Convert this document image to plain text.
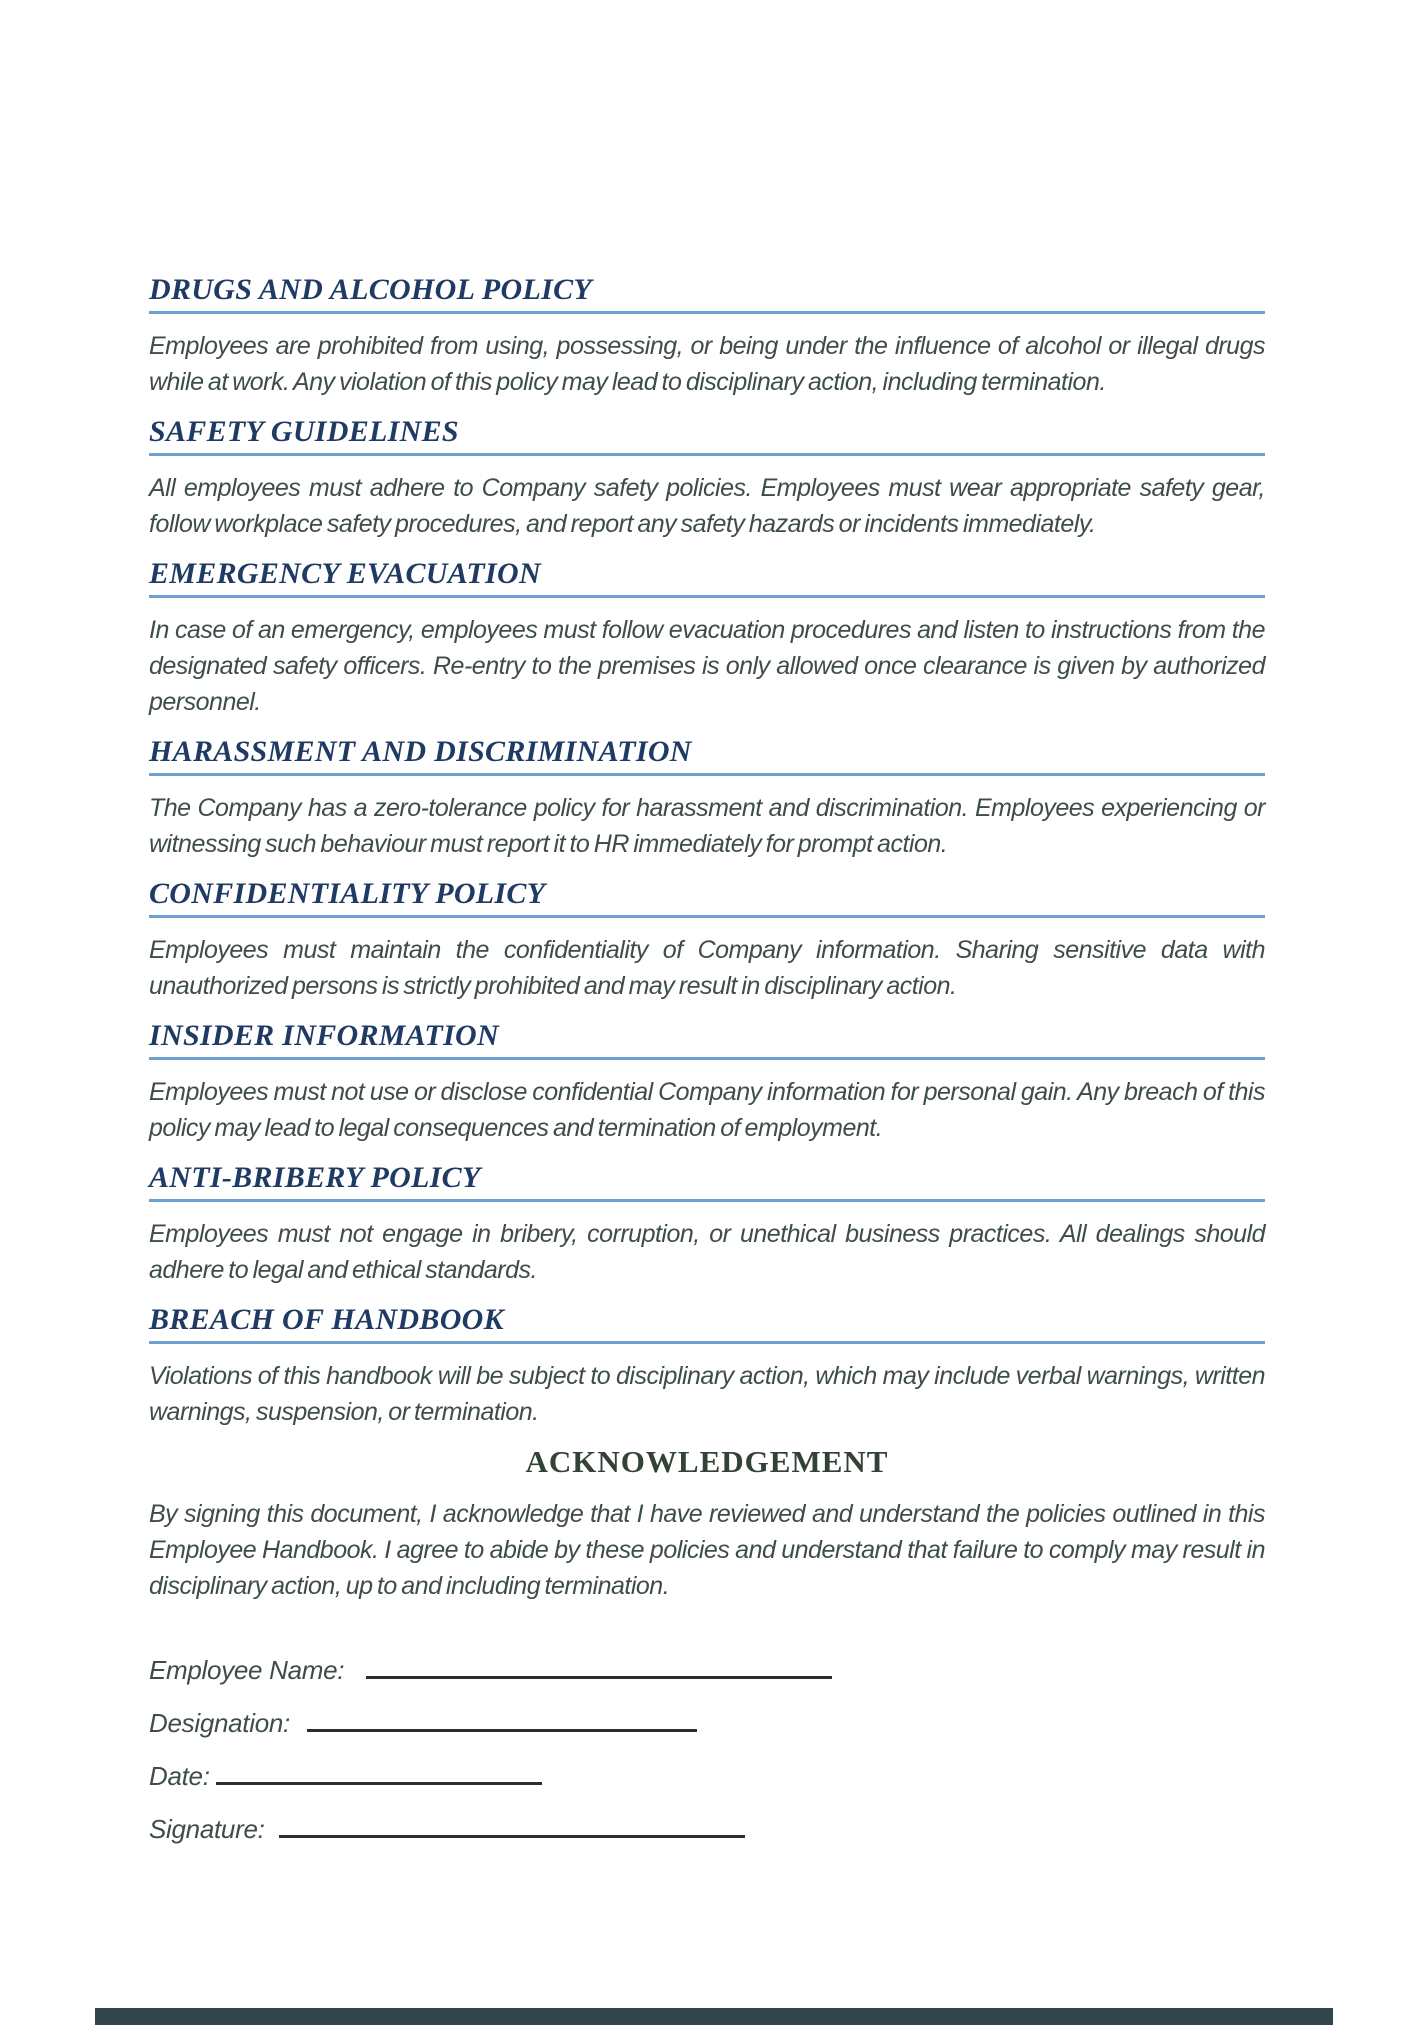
DRUGS AND ALCOHOL POLICY

Employees are prohibited from using, possessing, or being under the influence of alcohol or illegal drugs while at work. Any violation of this policy may lead to disciplinary action, including termination.

SAFETY GUIDELINES

All employees must adhere to Company safety policies. Employees must wear appropriate safety gear, follow workplace safety procedures, and report any safety hazards or incidents immediately.

EMERGENCY EVACUATION

In case of an emergency, employees must follow evacuation procedures and listen to instructions from the designated safety officers. Re-entry to the premises is only allowed once clearance is given by authorized personnel.

HARASSMENT AND DISCRIMINATION

The Company has a zero-tolerance policy for harassment and discrimination. Employees experiencing or witnessing such behaviour must report it to HR immediately for prompt action.

CONFIDENTIALITY POLICY

Employees must maintain the confidentiality of Company information. Sharing sensitive data with unauthorized persons is strictly prohibited and may result in disciplinary action.

INSIDER INFORMATION

Employees must not use or disclose confidential Company information for personal gain. Any breach of this policy may lead to legal consequences and termination of employment.

ANTI-BRIBERY POLICY

Employees must not engage in bribery, corruption, or unethical business practices. All dealings should adhere to legal and ethical standards.

BREACH OF HANDBOOK

Violations of this handbook will be subject to disciplinary action, which may include verbal warnings, written warnings, suspension, or termination.

ACKNOWLEDGEMENT

By signing this document, I acknowledge that I have reviewed and understand the policies outlined in this Employee Handbook. I agree to abide by these policies and understand that failure to comply may result in disciplinary action, up to and including termination.

Employee Name:
Designation:
Date:
Signature:
